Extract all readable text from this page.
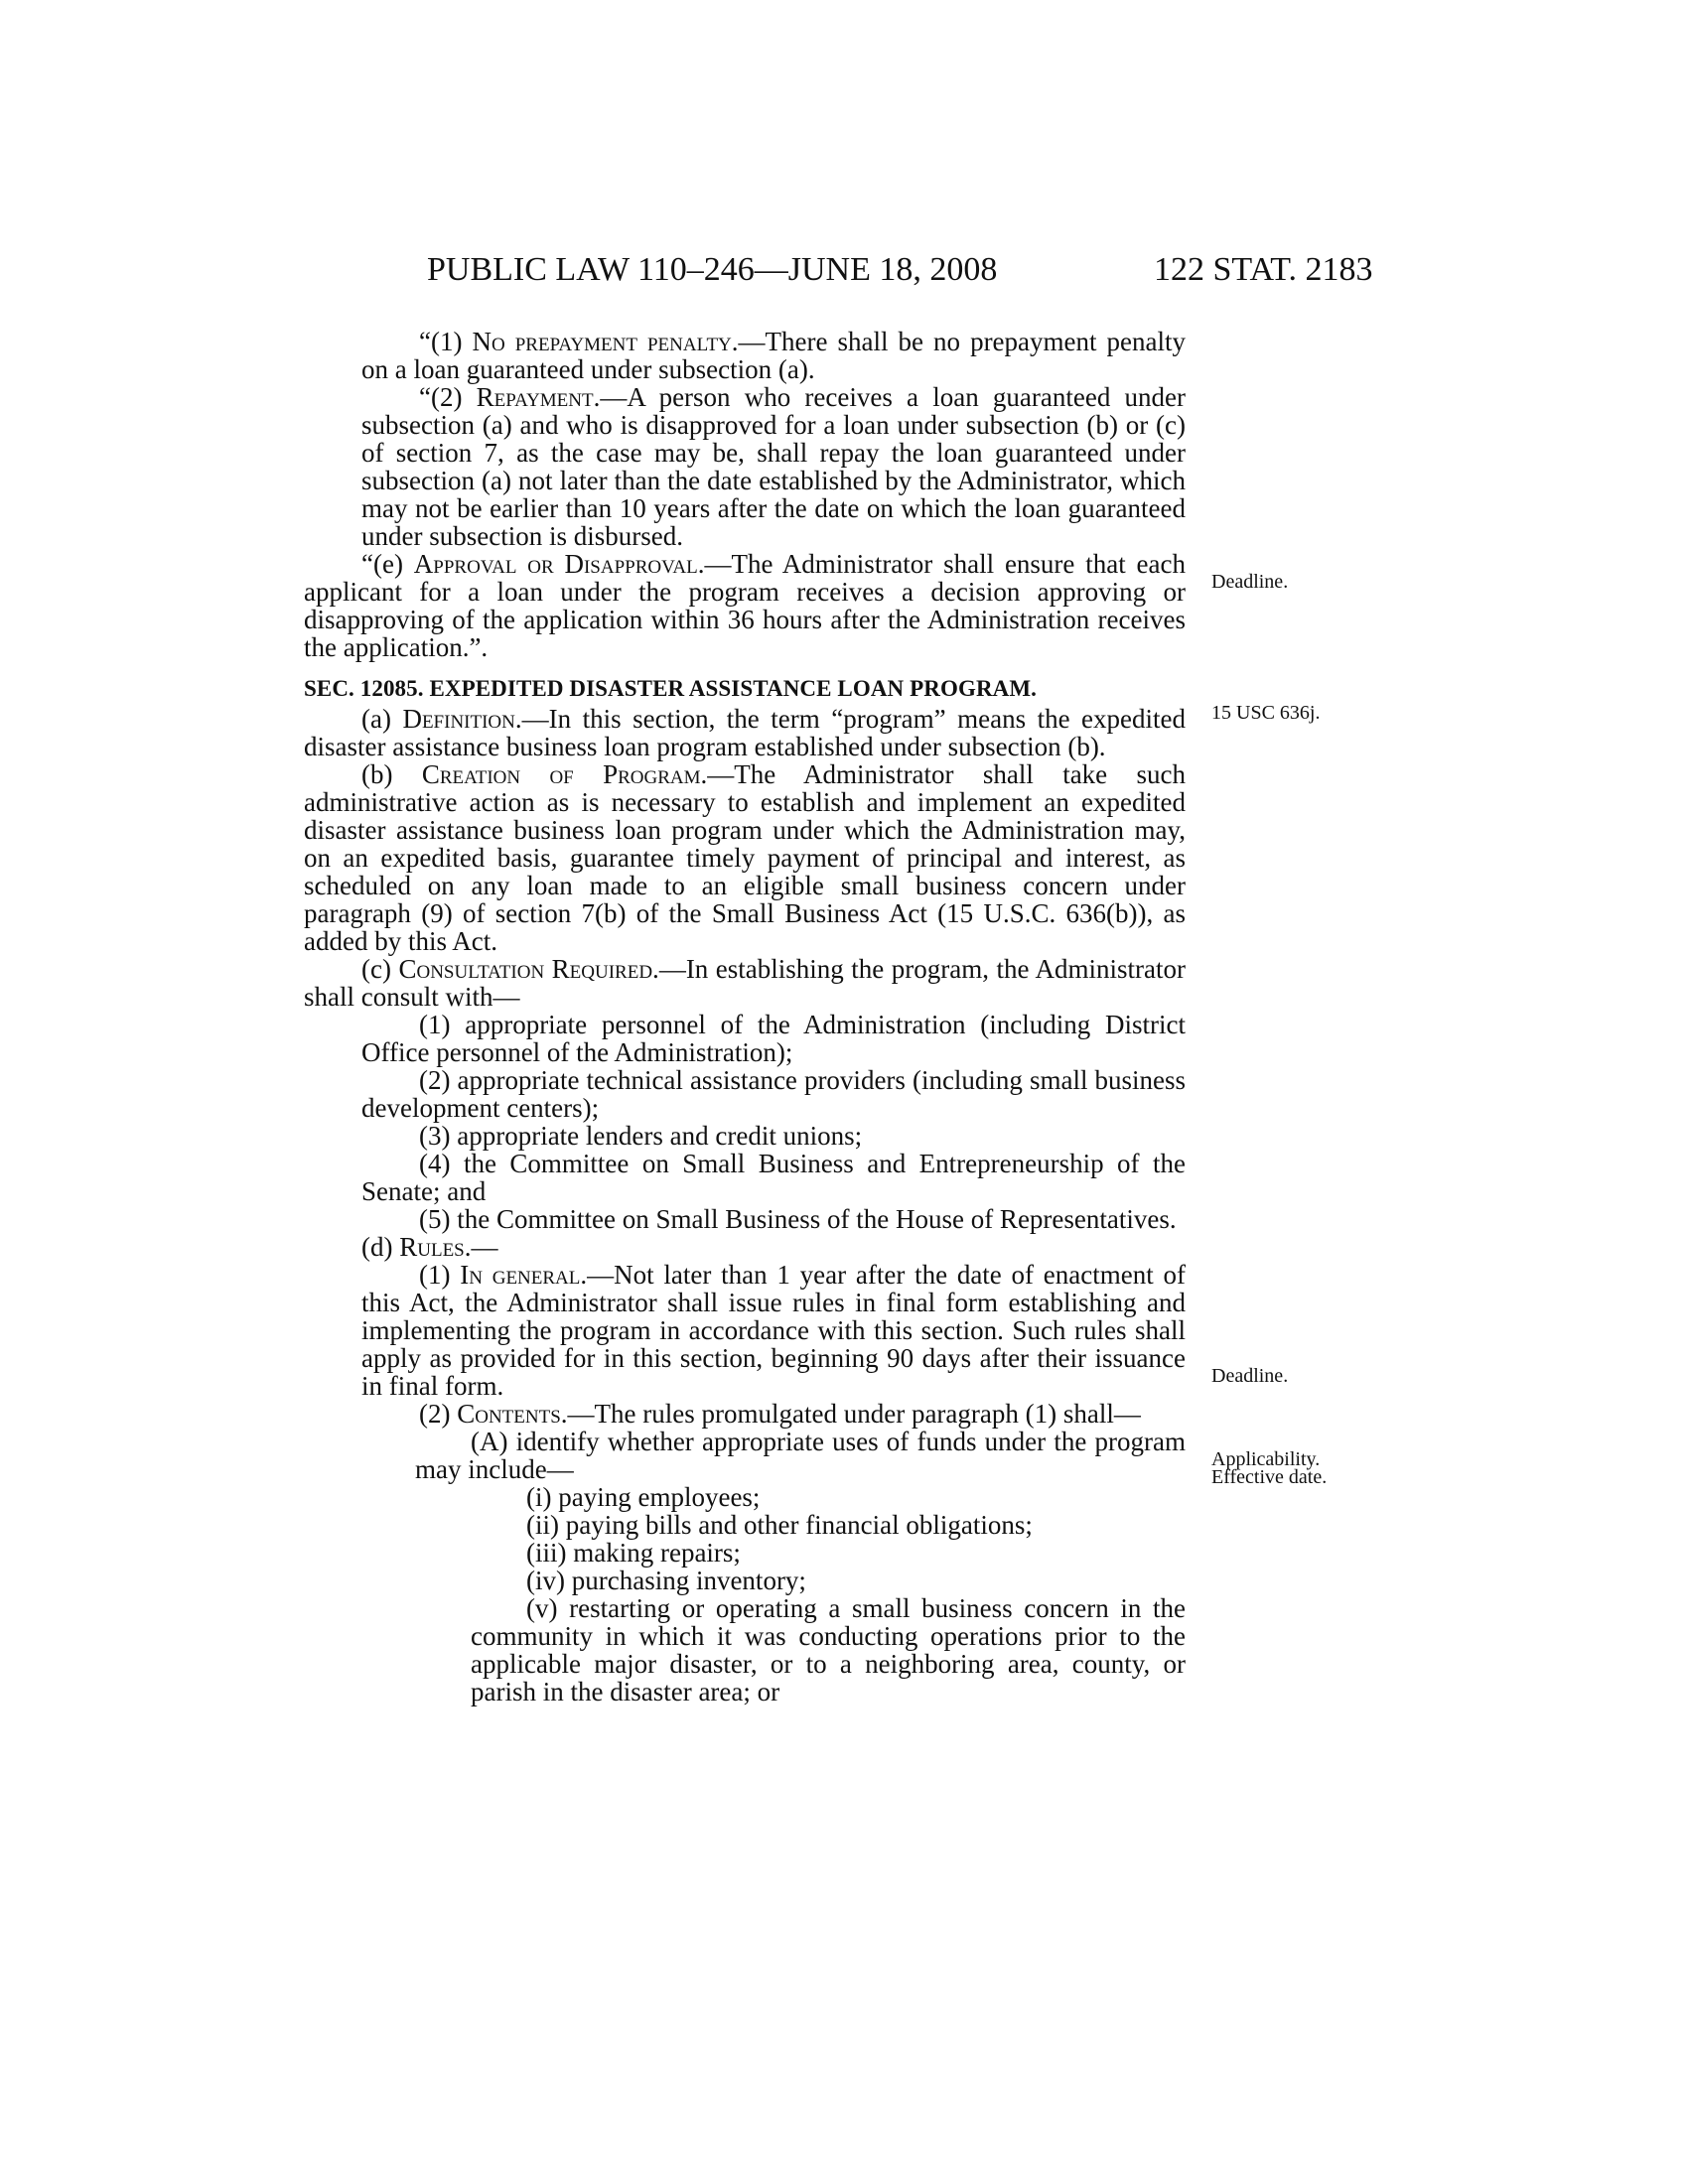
PUBLIC LAW 110–246—JUNE 18, 2008	122 STAT. 2183

“(1) No prepayment penalty.—There shall be no prepayment penalty on a loan guaranteed under subsection (a).

“(2) Repayment.—A person who receives a loan guaranteed under subsection (a) and who is disapproved for a loan under subsection (b) or (c) of section 7, as the case may be, shall repay the loan guaranteed under subsection (a) not later than the date established by the Administrator, which may not be earlier than 10 years after the date on which the loan guaranteed under subsection is disbursed.

“(e) Approval or Disapproval.—The Administrator shall ensure that each applicant for a loan under the program receives a decision approving or disapproving of the application within 36 hours after the Administration receives the application.”.

SEC. 12085. EXPEDITED DISASTER ASSISTANCE LOAN PROGRAM.

(a) Definition.—In this section, the term “program” means the expedited disaster assistance business loan program established under subsection (b).

(b) Creation of Program.—The Administrator shall take such administrative action as is necessary to establish and implement an expedited disaster assistance business loan program under which the Administration may, on an expedited basis, guarantee timely payment of principal and interest, as scheduled on any loan made to an eligible small business concern under paragraph (9) of section 7(b) of the Small Business Act (15 U.S.C. 636(b)), as added by this Act.

(c) Consultation Required.—In establishing the program, the Administrator shall consult with—

(1) appropriate personnel of the Administration (including District Office personnel of the Administration);

(2) appropriate technical assistance providers (including small business development centers);

(3) appropriate lenders and credit unions;

(4) the Committee on Small Business and Entrepreneurship of the Senate; and

(5) the Committee on Small Business of the House of Representatives.

(d) Rules.—

(1) In general.—Not later than 1 year after the date of enactment of this Act, the Administrator shall issue rules in final form establishing and implementing the program in accordance with this section. Such rules shall apply as provided for in this section, beginning 90 days after their issuance in final form.

(2) Contents.—The rules promulgated under paragraph (1) shall—

(A) identify whether appropriate uses of funds under the program may include—

(i) paying employees;

(ii) paying bills and other financial obligations;

(iii) making repairs;

(iv) purchasing inventory;

(v) restarting or operating a small business concern in the community in which it was conducting operations prior to the applicable major disaster, or to a neighboring area, county, or parish in the disaster area; or

Deadline.
15 USC 636j.
Deadline.
Applicability.
Effective date.
